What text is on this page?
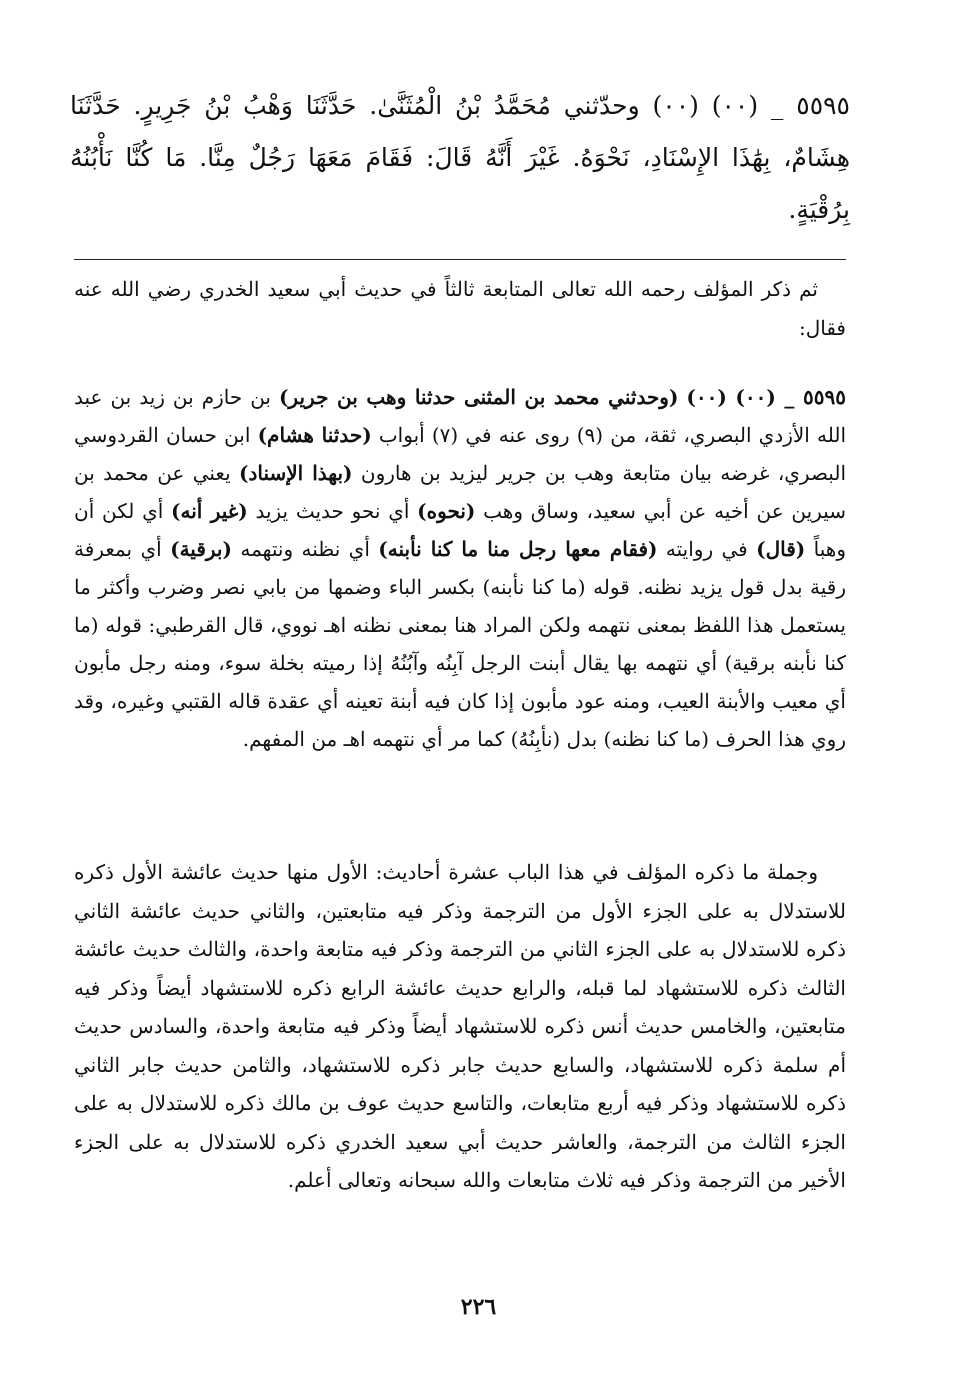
٥٥٩٥ _ (٠٠) (٠٠) وحدّثني مُحَمَّدُ بْنُ الْمُثَنَّىٰ. حَدَّثَنَا وَهْبُ بْنُ جَرِيرٍ. حَدَّثَنَا هِشَامٌ، بِهَٰذَا الإِسْنَادِ، نَحْوَهُ. غَيْرَ أَنَّهُ قَالَ: فَقَامَ مَعَهَا رَجُلٌ مِنَّا. مَا كُنَّا نَأْبُنُهُ بِرُقْيَةٍ.

ثم ذكر المؤلف رحمه الله تعالى المتابعة ثالثاً في حديث أبي سعيد الخدري رضي الله عنه فقال:

٥٥٩٥ _ (٠٠) (٠٠) (وحدثني محمد بن المثنى حدثنا وهب بن جرير) بن حازم بن زيد بن عبد الله الأزدي البصري، ثقة، من (٩) روى عنه في (٧) أبواب (حدثنا هشام) ابن حسان القردوسي البصري، غرضه بيان متابعة وهب بن جرير ليزيد بن هارون (بهذا الإسناد) يعني عن محمد بن سيرين عن أخيه عن أبي سعيد، وساق وهب (نحوه) أي نحو حديث يزيد (غير أنه) أي لكن أن وهباً (قال) في روايته (فقام معها رجل منا ما كنا نأبنه) أي نظنه ونتهمه (برقية) أي بمعرفة رقية بدل قول يزيد نظنه. قوله (ما كنا نأبنه) بكسر الباء وضمها من بابي نصر وضرب وأكثر ما يستعمل هذا اللفظ بمعنى نتهمه ولكن المراد هنا بمعنى نظنه اهـ نووي، قال القرطبي: قوله (ما كنا نأبنه برقية) أي نتهمه بها يقال أبنت الرجل آبِنُه وآبُنُهُ إذا رميته بخلة سوء، ومنه رجل مأبون أي معيب والأبنة العيب، ومنه عود مأبون إذا كان فيه أبنة تعينه أي عقدة قاله القتبي وغيره، وقد روي هذا الحرف (ما كنا نظنه) بدل (نأبِنُهُ) كما مر أي نتهمه اهـ من المفهم.

وجملة ما ذكره المؤلف في هذا الباب عشرة أحاديث: الأول منها حديث عائشة الأول ذكره للاستدلال به على الجزء الأول من الترجمة وذكر فيه متابعتين، والثاني حديث عائشة الثاني ذكره للاستدلال به على الجزء الثاني من الترجمة وذكر فيه متابعة واحدة، والثالث حديث عائشة الثالث ذكره للاستشهاد لما قبله، والرابع حديث عائشة الرابع ذكره للاستشهاد أيضاً وذكر فيه متابعتين، والخامس حديث أنس ذكره للاستشهاد أيضاً وذكر فيه متابعة واحدة، والسادس حديث أم سلمة ذكره للاستشهاد، والسابع حديث جابر ذكره للاستشهاد، والثامن حديث جابر الثاني ذكره للاستشهاد وذكر فيه أربع متابعات، والتاسع حديث عوف بن مالك ذكره للاستدلال به على الجزء الثالث من الترجمة، والعاشر حديث أبي سعيد الخدري ذكره للاستدلال به على الجزء الأخير من الترجمة وذكر فيه ثلاث متابعات والله سبحانه وتعالى أعلم.

٢٢٦
